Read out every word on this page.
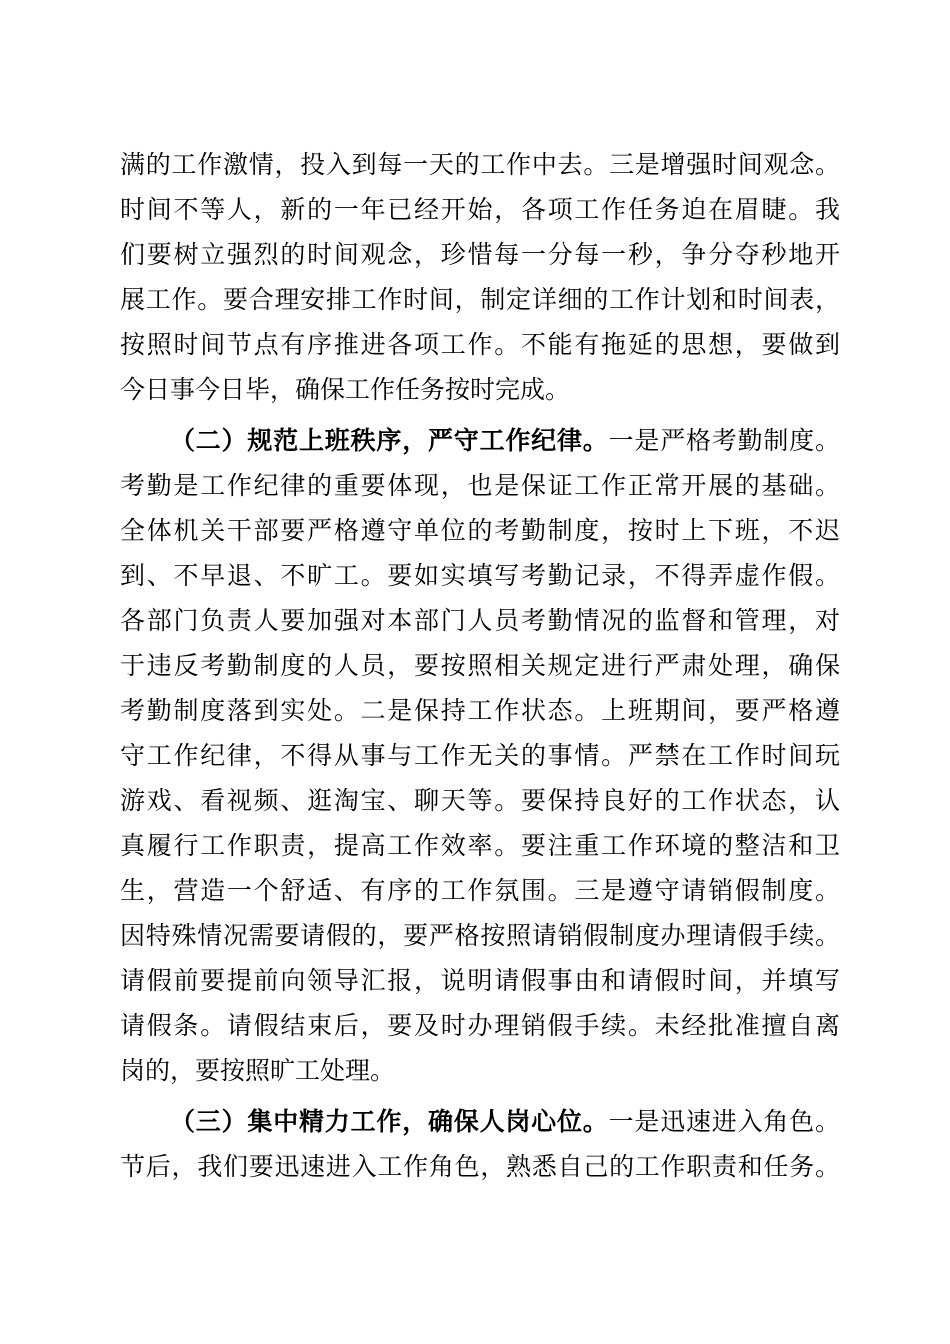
满的工作激情，投入到每一天的工作中去。三是增强时间观念。
时间不等人，新的一年已经开始，各项工作任务迫在眉睫。我
们要树立强烈的时间观念，珍惜每一分每一秒，争分夺秒地开
展工作。要合理安排工作时间，制定详细的工作计划和时间表，
按照时间节点有序推进各项工作。不能有拖延的思想，要做到
今日事今日毕，确保工作任务按时完成。
（二）规范上班秩序，严守工作纪律。一是严格考勤制度。
考勤是工作纪律的重要体现，也是保证工作正常开展的基础。
全体机关干部要严格遵守单位的考勤制度，按时上下班，不迟
到、不早退、不旷工。要如实填写考勤记录，不得弄虚作假。
各部门负责人要加强对本部门人员考勤情况的监督和管理，对
于违反考勤制度的人员，要按照相关规定进行严肃处理，确保
考勤制度落到实处。二是保持工作状态。上班期间，要严格遵
守工作纪律，不得从事与工作无关的事情。严禁在工作时间玩
游戏、看视频、逛淘宝、聊天等。要保持良好的工作状态，认
真履行工作职责，提高工作效率。要注重工作环境的整洁和卫
生，营造一个舒适、有序的工作氛围。三是遵守请销假制度。
因特殊情况需要请假的，要严格按照请销假制度办理请假手续。
请假前要提前向领导汇报，说明请假事由和请假时间，并填写
请假条。请假结束后，要及时办理销假手续。未经批准擅自离
岗的，要按照旷工处理。
（三）集中精力工作，确保人岗心位。一是迅速进入角色。
节后，我们要迅速进入工作角色，熟悉自己的工作职责和任务。
